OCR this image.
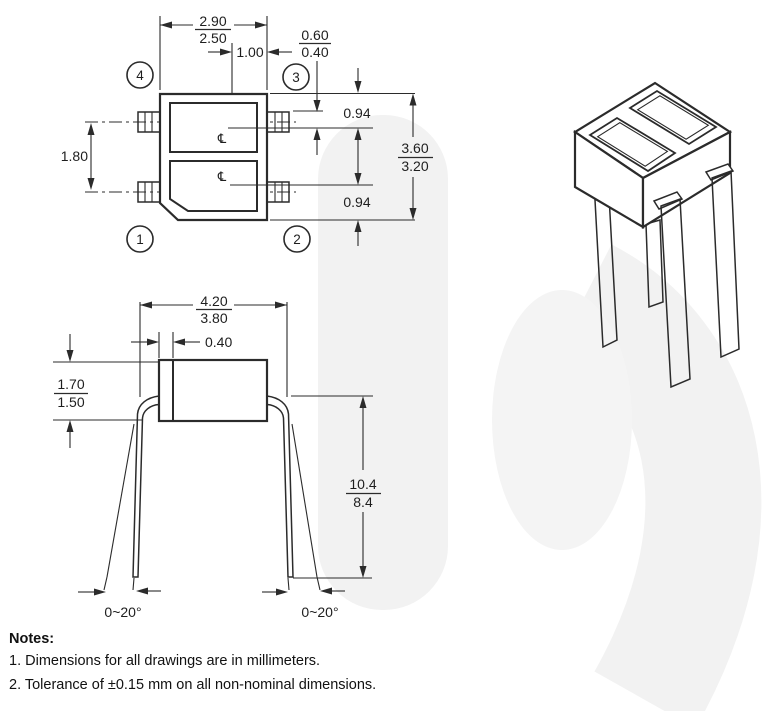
℄
℄
4	3
1	2
2.90
2.50
1.00
0.60
0.40
0.94
0.94
3.60
3.20
1.80
4.20
3.80
0.40
1.70
1.50
0~20°	0~20°
10.4
8.4

Notes:

1. Dimensions for all drawings are in millimeters.

2. Tolerance of ±0.15 mm on all non-nominal dimensions.
